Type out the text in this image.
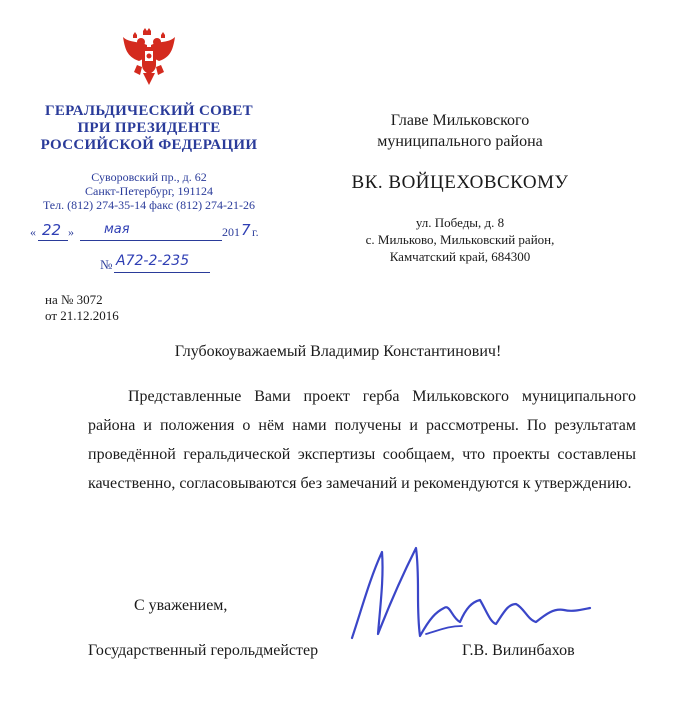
ГЕРАЛЬДИЧЕСКИЙ СОВЕТ
ПРИ ПРЕЗИДЕНТЕ
РОССИЙСКОЙ ФЕДЕРАЦИИ
Суворовский пр., д. 62
Санкт-Петербург, 191124
Тел. (812) 274-35-14 факс (812) 274-21-26
« 22 » мая	201 7 г.
№ А72-2-235
на № 3072
от 21.12.2016
Главе Мильковского
муниципального района
ВК. ВОЙЦЕХОВСКОМУ
ул. Победы, д. 8
с. Мильково, Мильковский район,
Камчатский край, 684300
Глубокоуважаемый Владимир Константинович!

Представленные Вами проект герба Мильковского муниципального района и положения о нём нами получены и рассмотрены. По результатам проведённой геральдической экспертизы сообщаем, что проекты составлены качественно, согласовываются без замечаний и рекомендуются к утверждению.

С уважением,
Государственный герольдмейстер	Г.В. Вилинбахов
